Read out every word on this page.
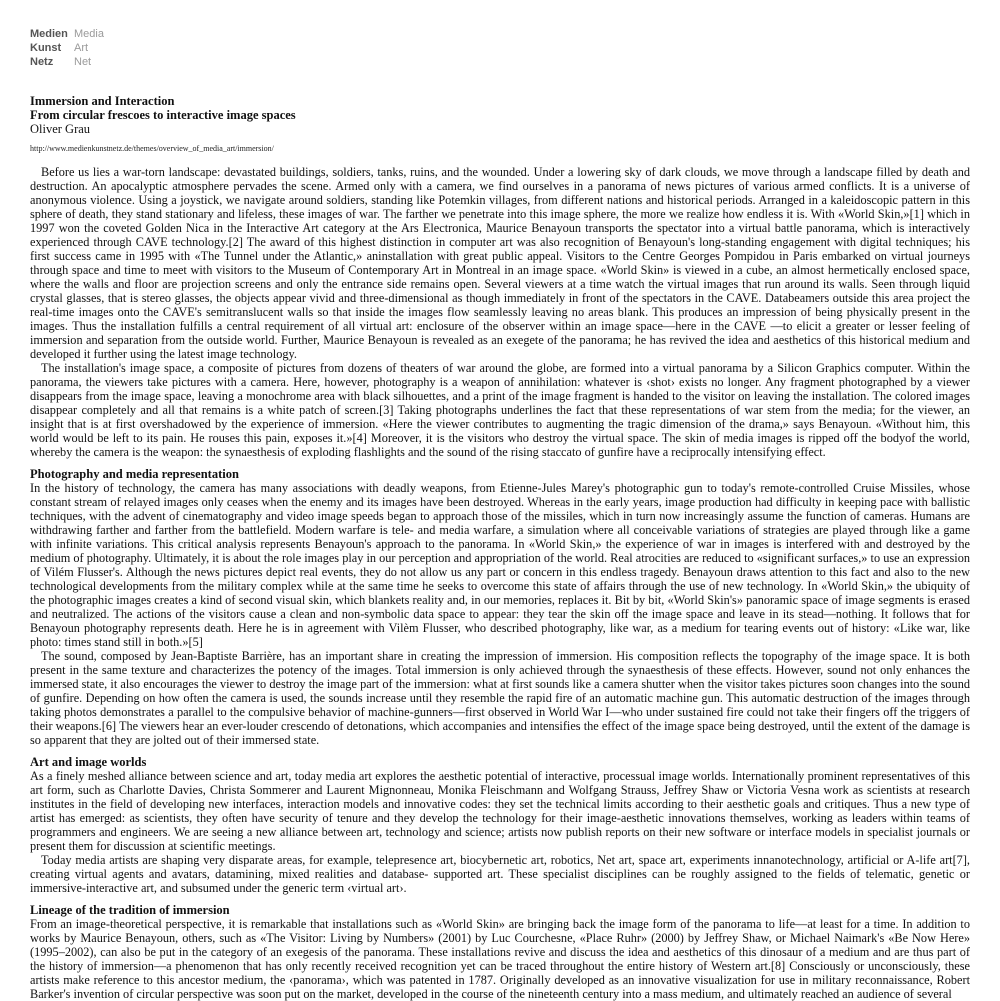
Medien Media
Kunst	Art
Netz	Net
Immersion and Interaction
From circular frescoes to interactive image spaces
Oliver Grau
http://www.medienkunstnetz.de/themes/overview_of_media_art/immersion/

Before us lies a war-torn landscape: devastated buildings, soldiers, tanks, ruins, and the wounded. Under a lowering sky of dark clouds, we move through a landscape filled by death and destruction. An apocalyptic atmosphere pervades the scene. Armed only with a camera, we find ourselves in a panorama of news pictures of various armed conflicts. It is a universe of anonymous violence. Using a joystick, we navigate around soldiers, standing like Potemkin villages, from different nations and historical periods. Arranged in a kaleidoscopic pattern in this sphere of death, they stand stationary and lifeless, these images of war. The farther we penetrate into this image sphere, the more we realize how endless it is. With «World Skin,»[1] which in 1997 won the coveted Golden Nica in the Interactive Art category at the Ars Electronica, Maurice Benayoun transports the spectator into a virtual battle panorama, which is interactively experienced through CAVE technology.[2] The award of this highest distinction in computer art was also recognition of Benayoun's long-standing engagement with digital techniques; his first success came in 1995 with «The Tunnel under the Atlantic,» aninstallation with great public appeal. Visitors to the Centre Georges Pompidou in Paris embarked on virtual journeys through space and time to meet with visitors to the Museum of Contemporary Art in Montreal in an image space. «World Skin» is viewed in a cube, an almost hermetically enclosed space, where the walls and floor are projection screens and only the entrance side remains open. Several viewers at a time watch the virtual images that run around its walls. Seen through liquid crystal glasses, that is stereo glasses, the objects appear vivid and three-dimensional as though immediately in front of the spectators in the CAVE. Databeamers outside this area project the real-time images onto the CAVE's semitranslucent walls so that inside the images flow seamlessly leaving no areas blank. This produces an impression of being physically present in the images. Thus the installation fulfills a central requirement of all virtual art: enclosure of the observer within an image space—here in the CAVE —to elicit a greater or lesser feeling of immersion and separation from the outside world. Further, Maurice Benayoun is revealed as an exegete of the panorama; he has revived the idea and aesthetics of this historical medium and developed it further using the latest image technology.

The installation's image space, a composite of pictures from dozens of theaters of war around the globe, are formed into a virtual panorama by a Silicon Graphics computer. Within the panorama, the viewers take pictures with a camera. Here, however, photography is a weapon of annihilation: whatever is ‹shot› exists no longer. Any fragment photographed by a viewer disappears from the image space, leaving a monochrome area with black silhouettes, and a print of the image fragment is handed to the visitor on leaving the installation. The colored images disappear completely and all that remains is a white patch of screen.[3] Taking photographs underlines the fact that these representations of war stem from the media; for the viewer, an insight that is at first overshadowed by the experience of immersion. «Here the viewer contributes to augmenting the tragic dimension of the drama,» says Benayoun. «Without him, this world would be left to its pain. He rouses this pain, exposes it.»[4] Moreover, it is the visitors who destroy the virtual space. The skin of media images is ripped off the bodyof the world, whereby the camera is the weapon: the synaesthesis of exploding flashlights and the sound of the rising staccato of gunfire have a reciprocally intensifying effect.

Photography and media representation

In the history of technology, the camera has many associations with deadly weapons, from Etienne-Jules Marey's photographic gun to today's remote-controlled Cruise Missiles, whose constant stream of relayed images only ceases when the enemy and its images have been destroyed. Whereas in the early years, image production had difficulty in keeping pace with ballistic techniques, with the advent of cinematography and video image speeds began to approach those of the missiles, which in turn now increasingly assume the function of cameras. Humans are withdrawing farther and farther from the battlefield. Modern warfare is tele- and media warfare, a simulation where all conceivable variations of strategies are played through like a game with infinite variations. This critical analysis represents Benayoun's approach to the panorama. In «World Skin,» the experience of war in images is interfered with and destroyed by the medium of photography. Ultimately, it is about the role images play in our perception and appropriation of the world. Real atrocities are reduced to «significant surfaces,» to use an expression of Vilém Flusser's. Although the news pictures depict real events, they do not allow us any part or concern in this endless tragedy. Benayoun draws attention to this fact and also to the new technological developments from the military complex while at the same time he seeks to overcome this state of affairs through the use of new technology. In «World Skin,» the ubiquity of the photographic images creates a kind of second visual skin, which blankets reality and, in our memories, replaces it. Bit by bit, «World Skin's» panoramic space of image segments is erased and neutralized. The actions of the visitors cause a clean and non-symbolic data space to appear: they tear the skin off the image space and leave in its stead—nothing. It follows that for Benayoun photography represents death. Here he is in agreement with Vilèm Flusser, who described photography, like war, as a medium for tearing events out of history: «Like war, like photo: times stand still in both.»[5]

The sound, composed by Jean-Baptiste Barrière, has an important share in creating the impression of immersion. His composition reflects the topography of the image space. It is both present in the same texture and characterizes the potency of the images. Total immersion is only achieved through the synaesthesis of these effects. However, sound not only enhances the immersed state, it also encourages the viewer to destroy the image part of the immersion: what at first sounds like a camera shutter when the visitor takes pictures soon changes into the sound of gunfire. Depending on how often the camera is used, the sounds increase until they resemble the rapid fire of an automatic machine gun. This automatic destruction of the images through taking photos demonstrates a parallel to the compulsive behavior of machine-gunners—first observed in World War I—who under sustained fire could not take their fingers off the triggers of their weapons.[6] The viewers hear an ever-louder crescendo of detonations, which accompanies and intensifies the effect of the image space being destroyed, until the extent of the damage is so apparent that they are jolted out of their immersed state.

Art and image worlds

As a finely meshed alliance between science and art, today media art explores the aesthetic potential of interactive, processual image worlds. Internationally prominent representatives of this art form, such as Charlotte Davies, Christa Sommerer and Laurent Mignonneau, Monika Fleischmann and Wolfgang Strauss, Jeffrey Shaw or Victoria Vesna work as scientists at research institutes in the field of developing new interfaces, interaction models and innovative codes: they set the technical limits according to their aesthetic goals and critiques. Thus a new type of artist has emerged: as scientists, they often have security of tenure and they develop the technology for their image-aesthetic innovations themselves, working as leaders within teams of programmers and engineers. We are seeing a new alliance between art, technology and science; artists now publish reports on their new software or interface models in specialist journals or present them for discussion at scientific meetings.

Today media artists are shaping very disparate areas, for example, telepresence art, biocybernetic art, robotics, Net art, space art, experiments innanotechnology, artificial or A-life art[7], creating virtual agents and avatars, datamining, mixed realities and database- supported art. These specialist disciplines can be roughly assigned to the fields of telematic, genetic or immersive-interactive art, and subsumed under the generic term ‹virtual art›.

Lineage of the tradition of immersion

From an image-theoretical perspective, it is remarkable that installations such as «World Skin» are bringing back the image form of the panorama to life—at least for a time. In addition to works by Maurice Benayoun, others, such as «The Visitor: Living by Numbers» (2001) by Luc Courchesne, «Place Ruhr» (2000) by Jeffrey Shaw, or Michael Naimark's «Be Now Here» (1995–2002), can also be put in the category of an exegesis of the panorama. These installations revive and discuss the idea and aesthetics of this dinosaur of a medium and are thus part of the history of immersion—a phenomenon that has only recently received recognition yet can be traced throughout the entire history of Western art.[8] Consciously or unconsciously, these artists make reference to this ancestor medium, the ‹panorama›, which was patented in 1787. Originally developed as an innovative visualization for use in military reconnaissance, Robert Barker's invention of circular perspective was soon put on the market, developed in the course of the nineteenth century into a mass medium, and ultimately reached an audience of several
